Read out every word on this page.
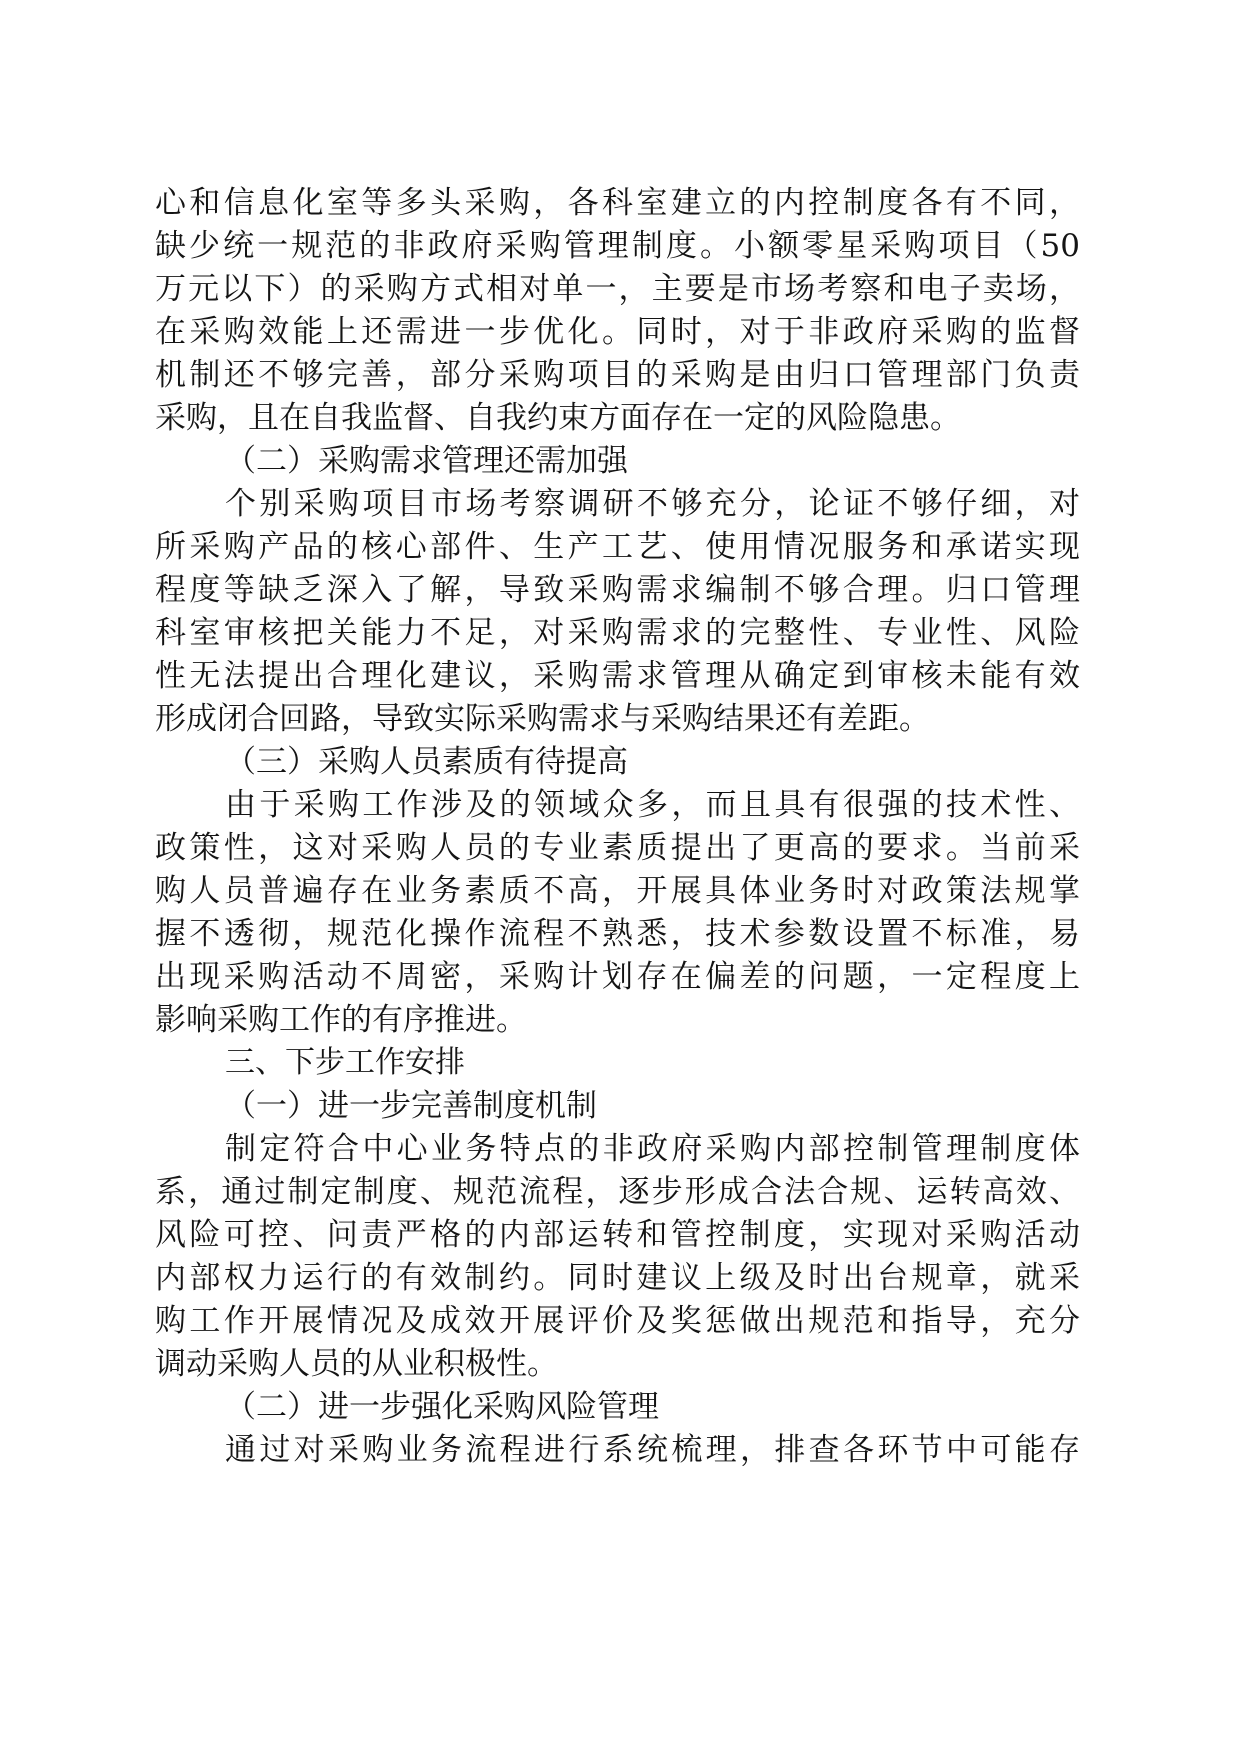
心和信息化室等多头采购，各科室建立的内控制度各有不同，
缺少统一规范的非政府采购管理制度。小额零星采购项目（50
万元以下）的采购方式相对单一，主要是市场考察和电子卖场，
在采购效能上还需进一步优化。同时，对于非政府采购的监督
机制还不够完善，部分采购项目的采购是由归口管理部门负责
采购，且在自我监督、自我约束方面存在一定的风险隐患。
（二）采购需求管理还需加强
个别采购项目市场考察调研不够充分，论证不够仔细，对
所采购产品的核心部件、生产工艺、使用情况服务和承诺实现
程度等缺乏深入了解，导致采购需求编制不够合理。归口管理
科室审核把关能力不足，对采购需求的完整性、专业性、风险
性无法提出合理化建议，采购需求管理从确定到审核未能有效
形成闭合回路，导致实际采购需求与采购结果还有差距。
（三）采购人员素质有待提高
由于采购工作涉及的领域众多，而且具有很强的技术性、
政策性，这对采购人员的专业素质提出了更高的要求。当前采
购人员普遍存在业务素质不高，开展具体业务时对政策法规掌
握不透彻，规范化操作流程不熟悉，技术参数设置不标准，易
出现采购活动不周密，采购计划存在偏差的问题，一定程度上
影响采购工作的有序推进。
三、下步工作安排
（一）进一步完善制度机制
制定符合中心业务特点的非政府采购内部控制管理制度体
系，通过制定制度、规范流程，逐步形成合法合规、运转高效、
风险可控、问责严格的内部运转和管控制度，实现对采购活动
内部权力运行的有效制约。同时建议上级及时出台规章，就采
购工作开展情况及成效开展评价及奖惩做出规范和指导，充分
调动采购人员的从业积极性。
（二）进一步强化采购风险管理
通过对采购业务流程进行系统梳理，排查各环节中可能存
